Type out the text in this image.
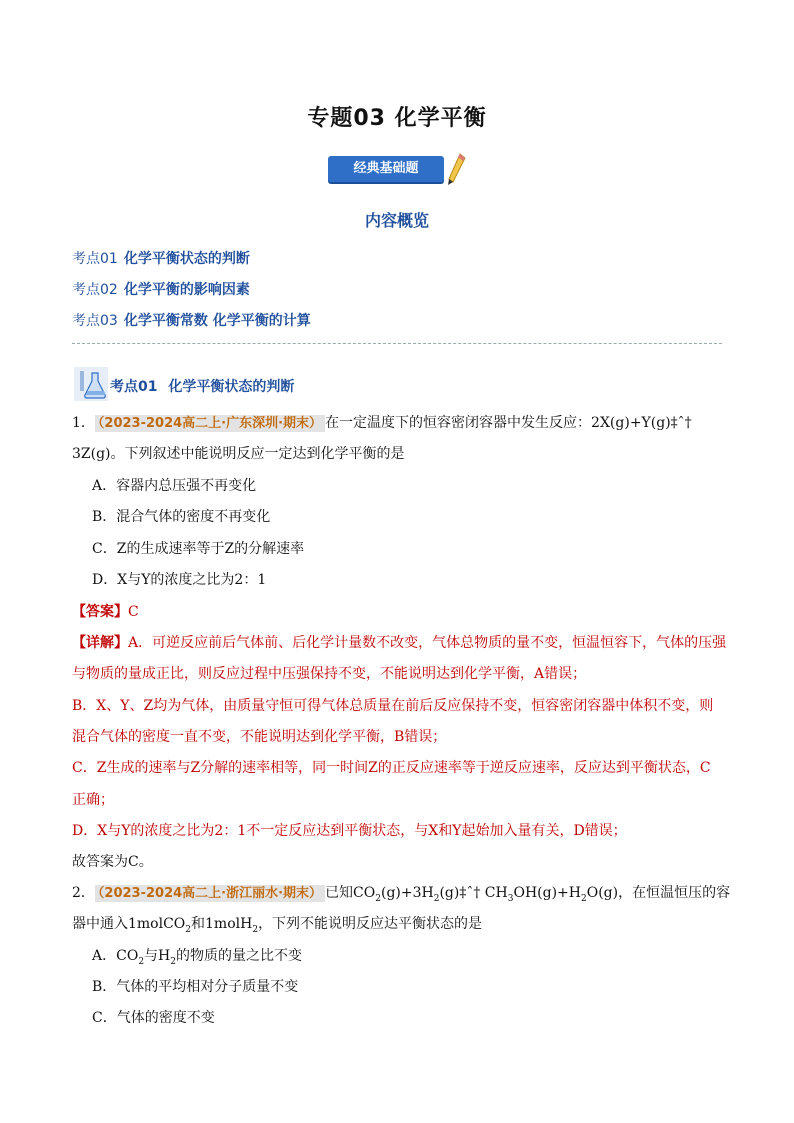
专题03 化学平衡
经典基础题
内容概览
考点01 化学平衡状态的判断
考点02 化学平衡的影响因素
考点03 化学平衡常数 化学平衡的计算
考点01 化学平衡状态的判断
1． （2023-2024高二上·广东深圳·期末） 在一定温度下的恒容密闭容器中发生反应：2X(g)+Y(g)‡ˆ†
3Z(g)。下列叙述中能说明反应一定达到化学平衡的是
A．容器内总压强不再变化
B．混合气体的密度不再变化
C．Z的生成速率等于Z的分解速率
D．X与Y的浓度之比为2：1
【答案】C
【详解】A．可逆反应前后气体前、后化学计量数不改变，气体总物质的量不变，恒温恒容下，气体的压强
与物质的量成正比，则反应过程中压强保持不变，不能说明达到化学平衡，A错误；
B．X、Y、Z均为气体，由质量守恒可得气体总质量在前后反应保持不变，恒容密闭容器中体积不变，则
混合气体的密度一直不变，不能说明达到化学平衡，B错误；
C．Z生成的速率与Z分解的速率相等，同一时间Z的正反应速率等于逆反应速率，反应达到平衡状态，C
正确；
D．X与Y的浓度之比为2：1不一定反应达到平衡状态，与X和Y起始加入量有关，D错误；
故答案为C。
2． （2023-2024高二上·浙江丽水·期末） 已知$CO_2(g)+3H_2(g)\ddagger ˆ\dagger$ $CH_3OH(g)+H_2O(g)$，在恒温恒压的容
器中通入1molCO$_2$和1molH$_2$，下列不能说明反应达平衡状态的是
A．$CO_2$与$H_2$的物质的量之比不变
B．气体的平均相对分子质量不变
C．气体的密度不变
